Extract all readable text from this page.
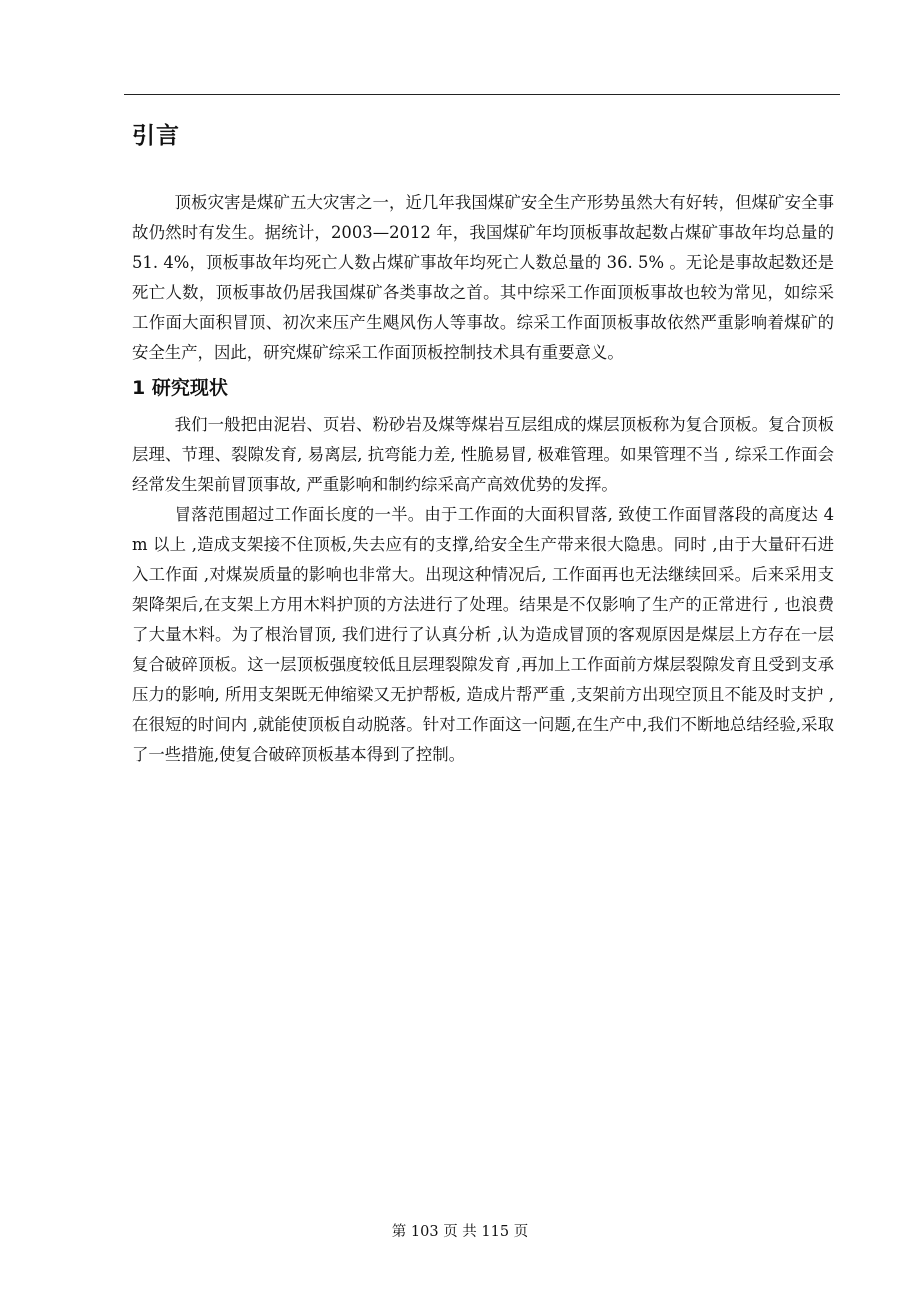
引言

顶板灾害是煤矿五大灾害之一，近几年我国煤矿安全生产形势虽然大有好转，但煤矿安全事故仍然时有发生。据统计，2003—2012 年，我国煤矿年均顶板事故起数占煤矿事故年均总量的 51. 4%，顶板事故年均死亡人数占煤矿事故年均死亡人数总量的 36. 5% 。无论是事故起数还是死亡人数，顶板事故仍居我国煤矿各类事故之首。其中综采工作面顶板事故也较为常见，如综采工作面大面积冒顶、初次来压产生飓风伤人等事故。综采工作面顶板事故依然严重影响着煤矿的安全生产，因此，研究煤矿综采工作面顶板控制技术具有重要意义。

1 研究现状

我们一般把由泥岩、页岩、粉砂岩及煤等煤岩互层组成的煤层顶板称为复合顶板。复合顶板层理、节理、裂隙发育, 易离层, 抗弯能力差, 性脆易冒, 极难管理。如果管理不当 , 综采工作面会经常发生架前冒顶事故, 严重影响和制约综采高产高效优势的发挥。

冒落范围超过工作面长度的一半。由于工作面的大面积冒落, 致使工作面冒落段的高度达 4 m 以上 ,造成支架接不住顶板,失去应有的支撑,给安全生产带来很大隐患。同时 ,由于大量矸石进入工作面 ,对煤炭质量的影响也非常大。出现这种情况后, 工作面再也无法继续回采。后来采用支架降架后,在支架上方用木料护顶的方法进行了处理。结果是不仅影响了生产的正常进行 , 也浪费了大量木料。为了根治冒顶, 我们进行了认真分析 ,认为造成冒顶的客观原因是煤层上方存在一层复合破碎顶板。这一层顶板强度较低且层理裂隙发育 ,再加上工作面前方煤层裂隙发育且受到支承压力的影响, 所用支架既无伸缩梁又无护帮板, 造成片帮严重 ,支架前方出现空顶且不能及时支护 ,在很短的时间内 ,就能使顶板自动脱落。针对工作面这一问题,在生产中,我们不断地总结经验,采取了一些措施,使复合破碎顶板基本得到了控制。

第 103 页 共 115 页
